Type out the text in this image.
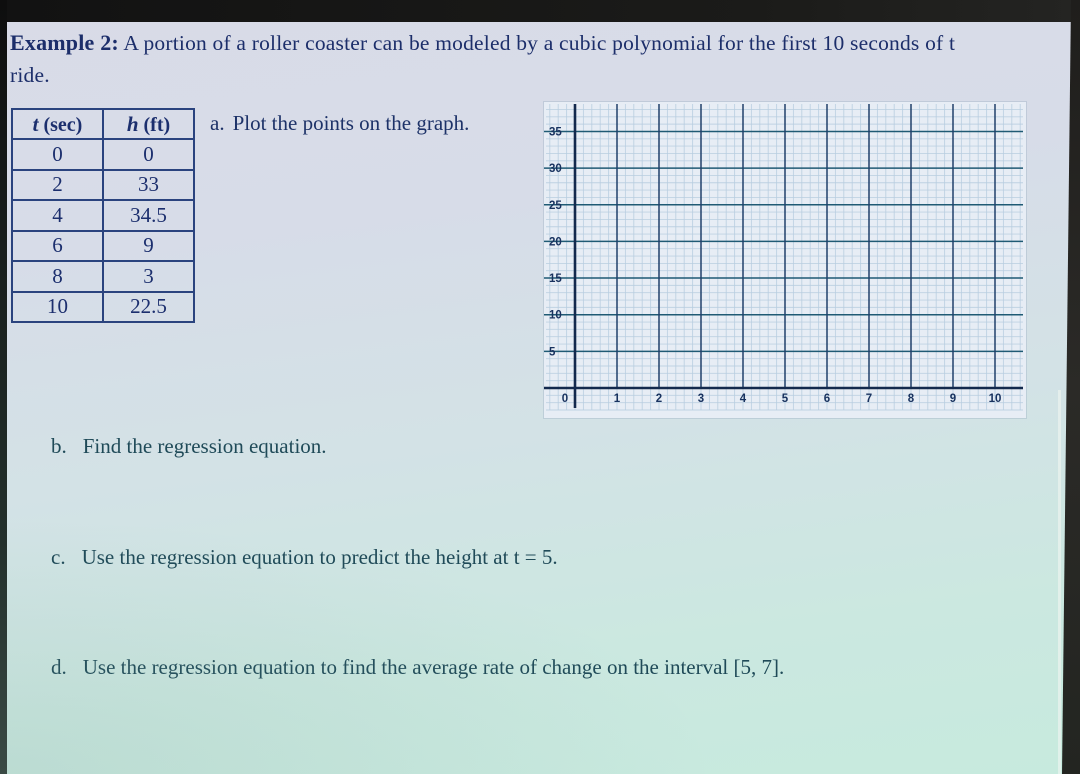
Example 2: A portion of a roller coaster can be modeled by a cubic polynomial for the first 10 seconds of t
ride.
t (sec)	h (ft)
0	0
2	33
4	34.5
6	9
8	3
10	22.5
a. Plot the points on the graph.
0	1	2	3	4	5	6	7	8	9	10
35
30
25
20
15
10
5
b. Find the regression equation.
c. Use the regression equation to predict the height at t = 5.
d. Use the regression equation to find the average rate of change on the interval [5, 7].
